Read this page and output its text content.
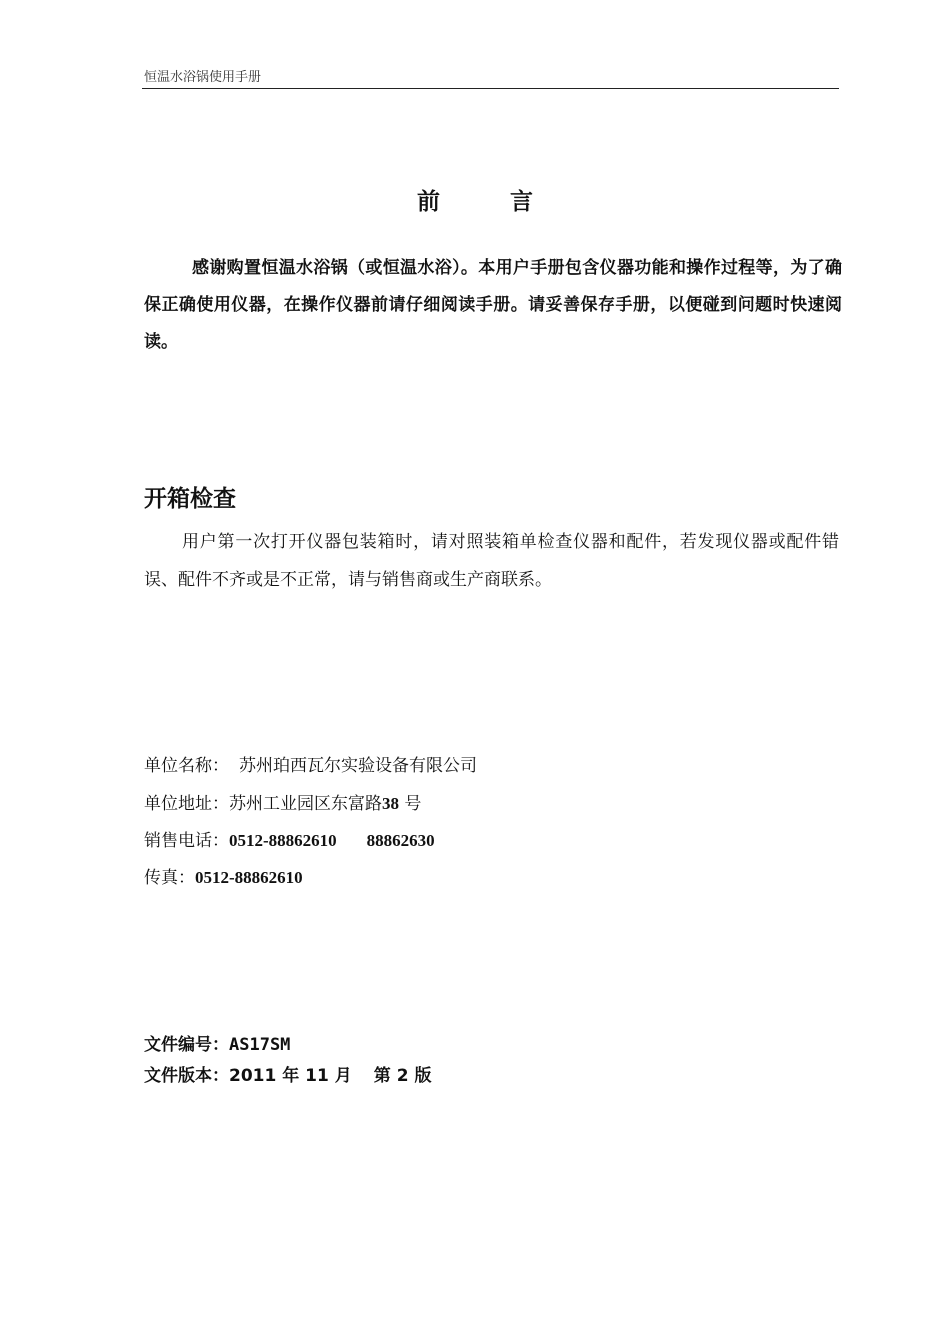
恒温水浴锅使用手册
前言

感谢购置恒温水浴锅（或恒温水浴）。本用户手册包含仪器功能和操作过程等，为了确保正确使用仪器，在操作仪器前请仔细阅读手册。请妥善保存手册，以便碰到问题时快速阅读。

开箱检查

用户第一次打开仪器包装箱时，请对照装箱单检查仪器和配件，若发现仪器或配件错误、配件不齐或是不正常，请与销售商或生产商联系。

单位名称： 苏州珀西瓦尔实验设备有限公司
单位地址：苏州工业园区东富路38 号
销售电话：0512-88862610 88862630
传真：0512-88862610
文件编号：AS17SM
文件版本：2011 年 11 月 第 2 版
